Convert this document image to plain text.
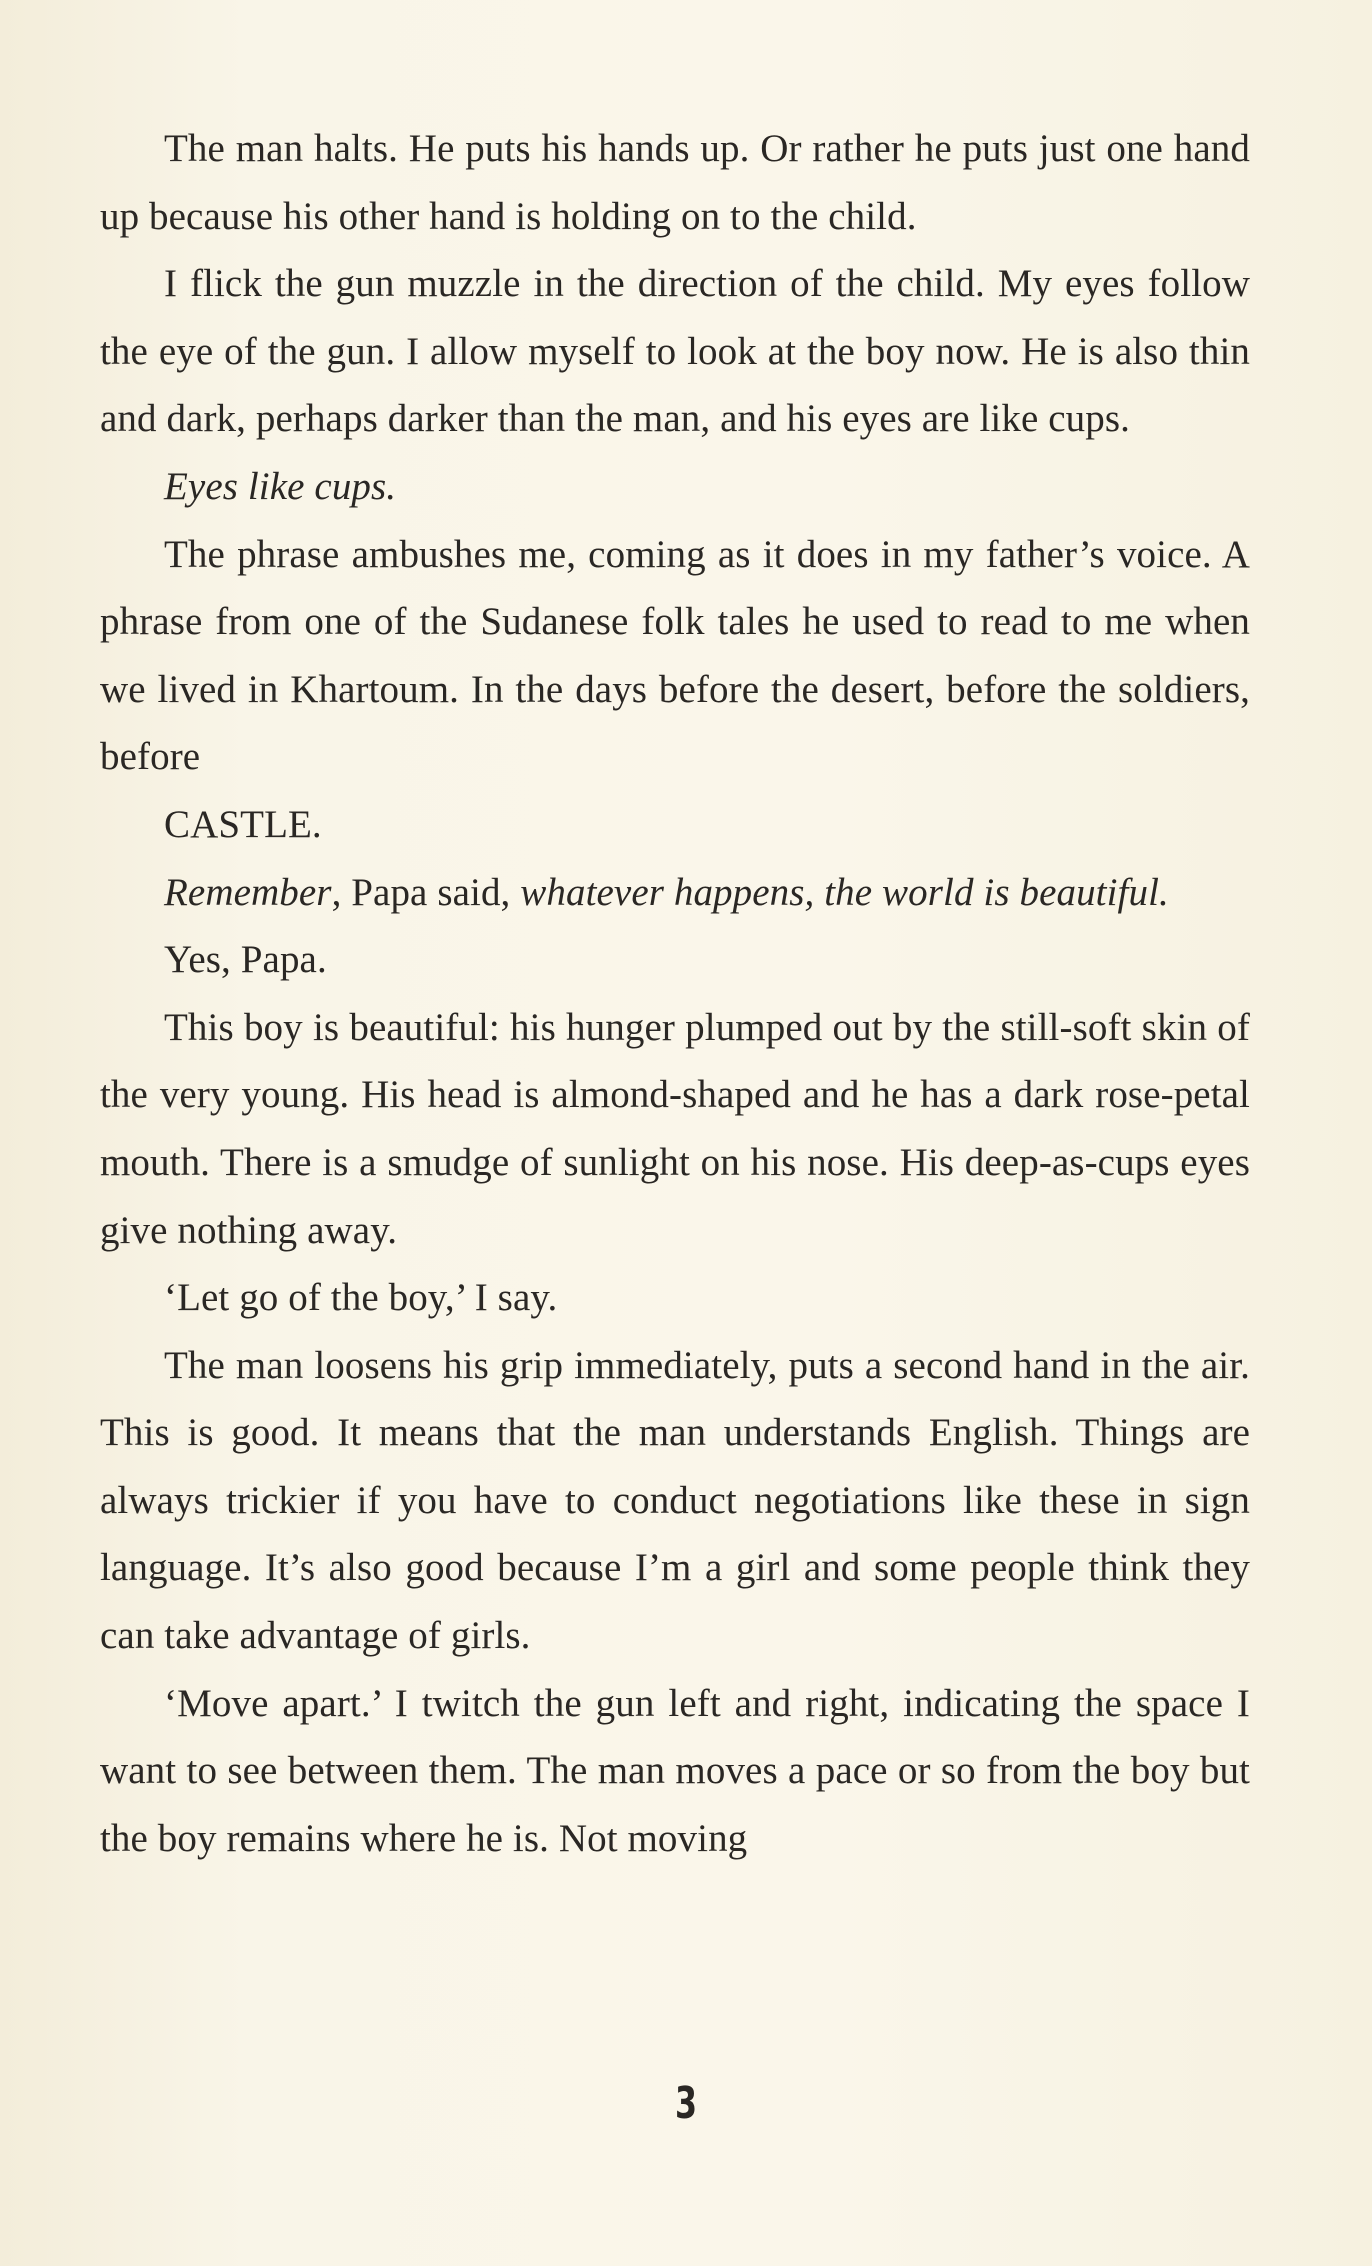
The man halts. He puts his hands up. Or rather he puts just one hand up because his other hand is holding on to the child.

I flick the gun muzzle in the direction of the child. My eyes follow the eye of the gun. I allow myself to look at the boy now. He is also thin and dark, perhaps darker than the man, and his eyes are like cups.

Eyes like cups.

The phrase ambushes me, coming as it does in my father’s voice. A phrase from one of the Sudanese folk tales he used to read to me when we lived in Khartoum. In the days before the desert, before the soldiers, before

CASTLE.

Remember, Papa said, whatever happens, the world is beautiful.

Yes, Papa.

This boy is beautiful: his hunger plumped out by the still-soft skin of the very young. His head is almond-shaped and he has a dark rose-petal mouth. There is a smudge of sunlight on his nose. His deep-as-cups eyes give nothing away.

‘Let go of the boy,’ I say.

The man loosens his grip immediately, puts a second hand in the air. This is good. It means that the man understands English. Things are always trickier if you have to conduct negotiations like these in sign language. It’s also good because I’m a girl and some people think they can take advantage of girls.

‘Move apart.’ I twitch the gun left and right, indicating the space I want to see between them. The man moves a pace or so from the boy but the boy remains where he is. Not moving

3
